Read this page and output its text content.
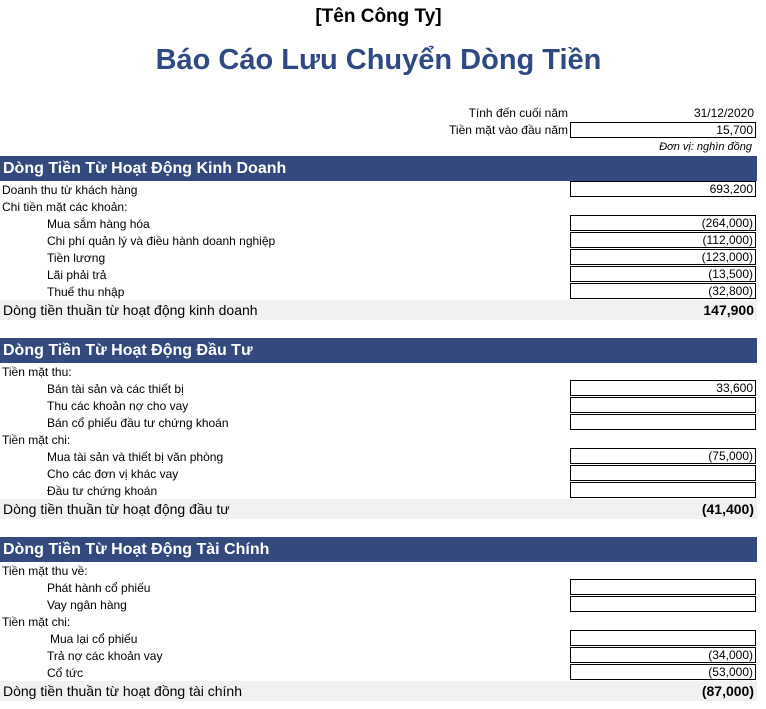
[Tên Công Ty]
Báo Cáo Lưu Chuyển Dòng Tiền
Tính đến cuối năm	31/12/2020
Tiền mặt vào đầu năm	15,700
Đơn vị: nghìn đồng
Dòng Tiền Từ Hoạt Động Kinh Doanh
Doanh thu từ khách hàng	693,200
Chi tiền mặt các khoản:
Mua sắm hàng hóa	(264,000)
Chi phí quản lý và điều hành doanh nghiệp	(112,000)
Tiền lương	(123,000)
Lãi phải trả	(13,500)
Thuế thu nhập	(32,800)
Dòng tiền thuần từ hoạt động kinh doanh	147,900
Dòng Tiền Từ Hoạt Động Đầu Tư
Tiền mặt thu:
Bán tài sản và các thiết bị	33,600
Thu các khoản nợ cho vay
Bán cổ phiếu đầu tư chứng khoán
Tiền mặt chi:
Mua tài sản và thiết bị văn phòng	(75,000)
Cho các đơn vị khác vay
Đầu tư chứng khoán
Dòng tiền thuần từ hoạt động đầu tư	(41,400)
Dòng Tiền Từ Hoạt Động Tài Chính
Tiền mặt thu về:
Phát hành cổ phiếu
Vay ngân hàng
Tiền mặt chi:
Mua lại cổ phiếu
Trả nợ các khoản vay	(34,000)
Cổ tức	(53,000)
Dòng tiền thuần từ hoạt đồng tài chính	(87,000)
